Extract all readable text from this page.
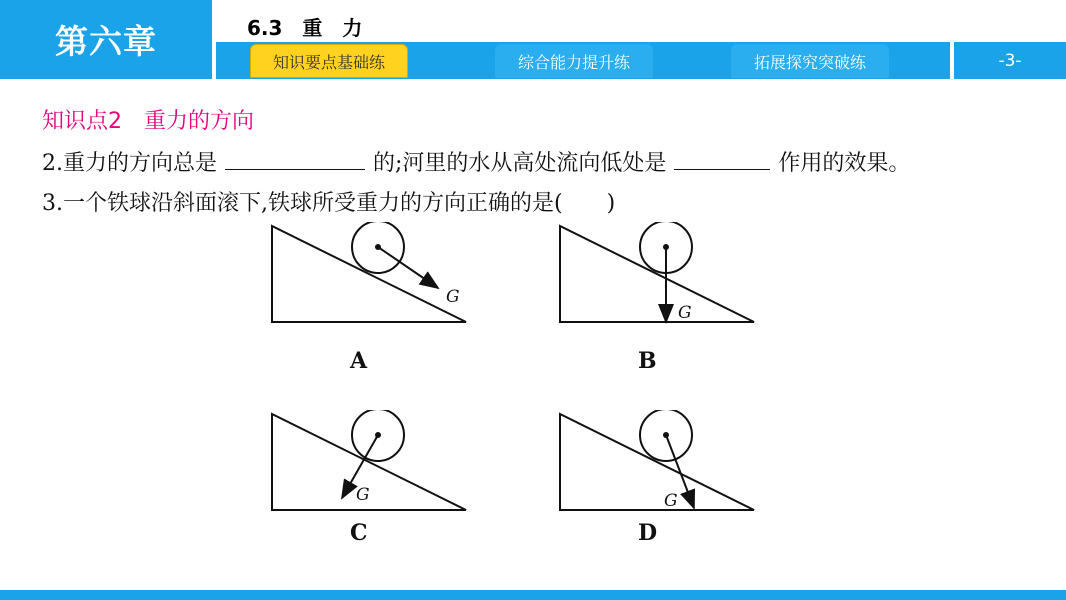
第六章	6.3　重　力
知识要点基础练	综合能力提升练	拓展探究突破练	-3-
知识点2　重力的方向
2.重力的方向总是	的;河里的水从高处流向低处是	作用的效果。
3.一个铁球沿斜面滚下,铁球所受重力的方向正确的是(　　)
G
A
G
B
G
C
G
D
